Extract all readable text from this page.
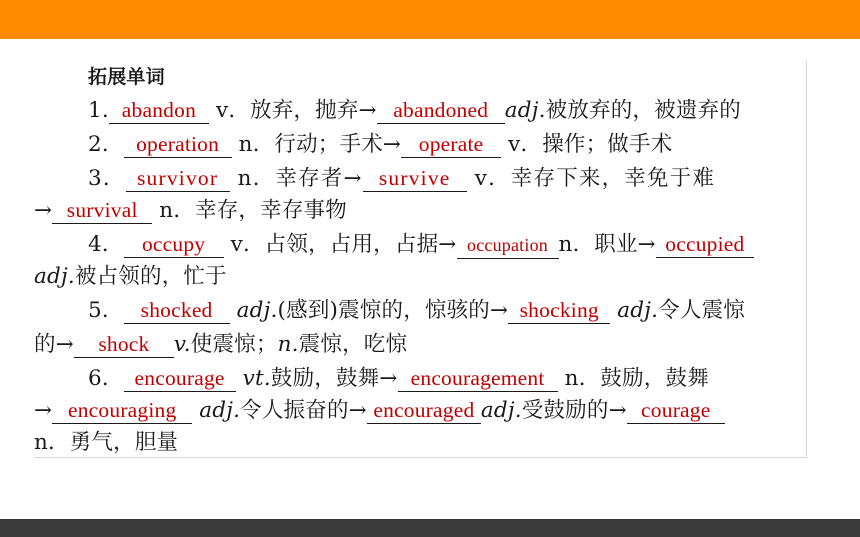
拓展单词
1. abandon v．放弃，抛弃→ abandoned adj.被放弃的，被遗弃的
2． operation n．行动；手术→ operate v．操作；做手术
3． survivor n．幸存者→ survive v．幸存下来，幸免于难
→ survival n．幸存，幸存事物
4． occupy v．占领，占用，占据→ occupation n．职业→ occupied
adj.被占领的，忙于
5． shocked adj.(感到)震惊的，惊骇的→ shocking adj.令人震惊
的→ shock v.使震惊；n.震惊，吃惊
6． encourage vt.鼓励，鼓舞→ encouragement n．鼓励，鼓舞
→ encouraging adj.令人振奋的→ encouraged adj.受鼓励的→ courage
n．勇气，胆量
